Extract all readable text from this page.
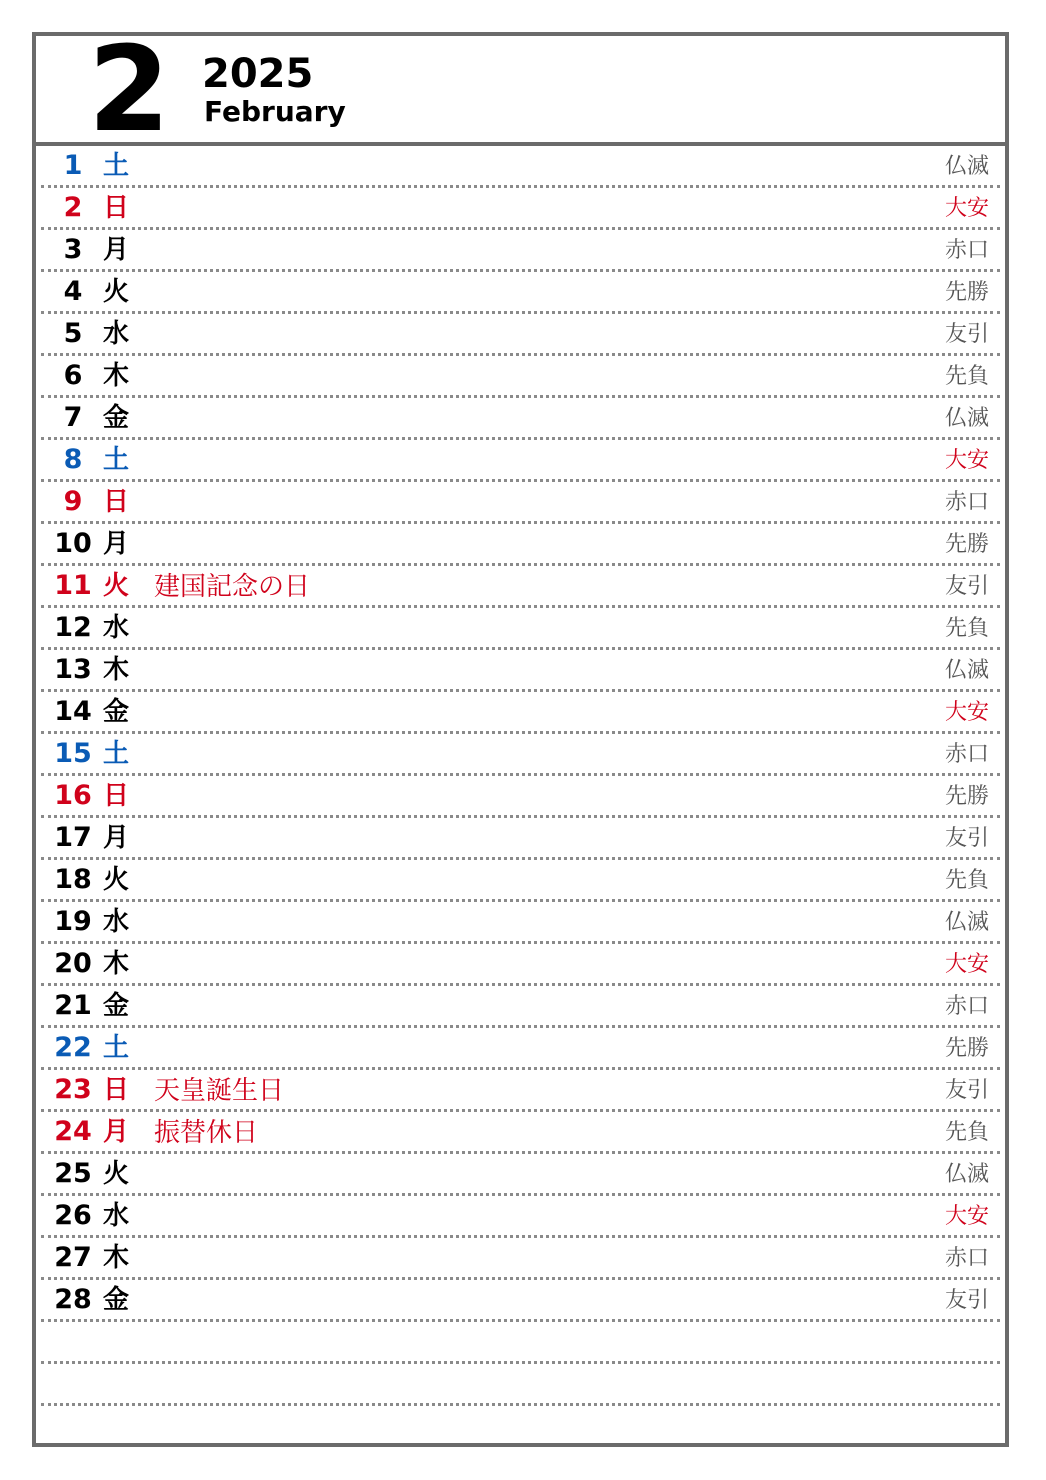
2 2025
February
1 土	仏滅
2 日	大安
3 月	赤口
4 火	先勝
5 水	友引
6 木	先負
7 金	仏滅
8 土	大安
9 日	赤口
10 月	先勝
11 火 建国記念の日	友引
12 水	先負
13 木	仏滅
14 金	大安
15 土	赤口
16 日	先勝
17 月	友引
18 火	先負
19 水	仏滅
20 木	大安
21 金	赤口
22 土	先勝
23 日 天皇誕生日	友引
24 月 振替休日	先負
25 火	仏滅
26 水	大安
27 木	赤口
28 金	友引
